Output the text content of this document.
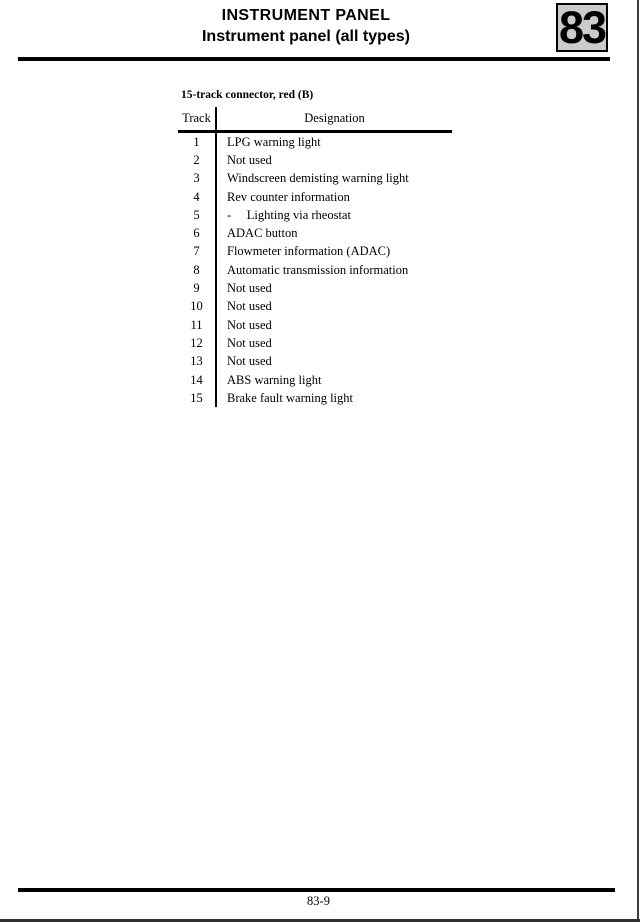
INSTRUMENT PANEL
Instrument panel (all types)	83
15-track connector, red (B)
Track	Designation
1	LPG warning light
2	Not used
3	Windscreen demisting warning light
4	Rev counter information
5	-     Lighting via rheostat
6	ADAC button
7	Flowmeter information (ADAC)
8	Automatic transmission information
9	Not used
10	Not used
11	Not used
12	Not used
13	Not used
14	ABS warning light
15	Brake fault warning light
83-9
